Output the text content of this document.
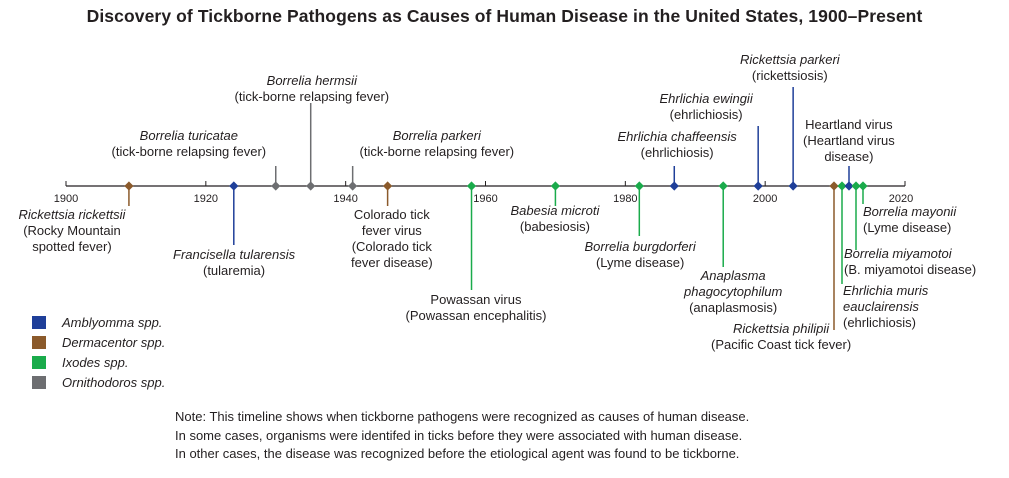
Discovery of Tickborne Pathogens as Causes of Human Disease in the United States, 1900–Present
1900	1920	1940	1960	1980	2000	2020
Rickettsia rickettsii
(Rocky Mountain
spotted fever)
Francisella tularensis
(tularemia)
Borrelia turicatae
(tick-borne relapsing fever)
Borrelia hermsii
(tick-borne relapsing fever)
Borrelia parkeri
(tick-borne relapsing fever)
Colorado tick
fever virus
(Colorado tick
fever disease)
Powassan virus
(Powassan encephalitis)
Babesia microti
(babesiosis)
Borrelia burgdorferi
(Lyme disease)
Ehrlichia chaffeensis
(ehrlichiosis)
Anaplasma
phagocytophilum
(anaplasmosis)
Ehrlichia ewingii
(ehrlichiosis)
Rickettsia parkeri
(rickettsiosis)
Rickettsia philipii
(Pacific Coast tick fever)
Ehrlichia muris
eauclairensis
(ehrlichiosis)
Heartland virus
(Heartland virus
disease)
Borrelia miyamotoi
(B. miyamotoi disease)
Borrelia mayonii
(Lyme disease)
Amblyomma spp.
Dermacentor spp.
Ixodes spp.
Ornithodoros spp.
Note: This timeline shows when tickborne pathogens were recognized as causes of human disease.
In some cases, organisms were identifed in ticks before they were associated with human disease.
In other cases, the disease was recognized before the etiological agent was found to be tickborne.
